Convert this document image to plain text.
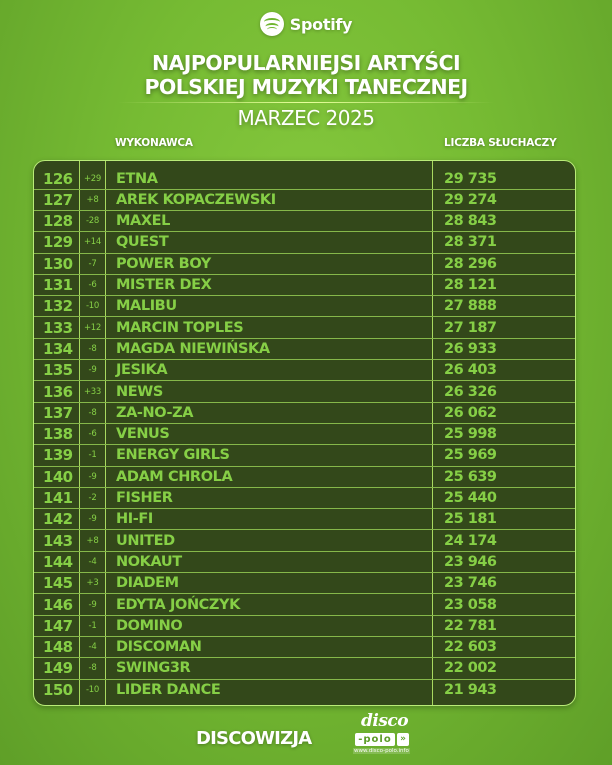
Spotify
NAJPOPULARNIEJSI ARTYŚCI
POLSKIEJ MUZYKI TANECZNEJ
MARZEC 2025
WYKONAWCA	LICZBA SŁUCHACZY
126	+29	ETNA	29 735
127	+8	AREK KOPACZEWSKI	29 274
128	-28	MAXEL	28 843
129	+14	QUEST	28 371
130	-7	POWER BOY	28 296
131	-6	MISTER DEX	28 121
132	-10	MALIBU	27 888
133	+12	MARCIN TOPLES	27 187
134	-8	MAGDA NIEWIŃSKA	26 933
135	-9	JESIKA	26 403
136	+33	NEWS	26 326
137	-8	ZA-NO-ZA	26 062
138	-6	VENUS	25 998
139	-1	ENERGY GIRLS	25 969
140	-9	ADAM CHROLA	25 639
141	-2	FISHER	25 440
142	-9	HI-FI	25 181
143	+8	UNITED	24 174
144	-4	NOKAUT	23 946
145	+3	DIADEM	23 746
146	-9	EDYTA JOŃCZYK	23 058
147	-1	DOMINO	22 781
148	-4	DISCOMAN	22 603
149	-8	SWING3R	22 002
150	-10	LIDER DANCE	21 943
DISCOWIZJA
disco
-polo »
www.disco-polo.info
